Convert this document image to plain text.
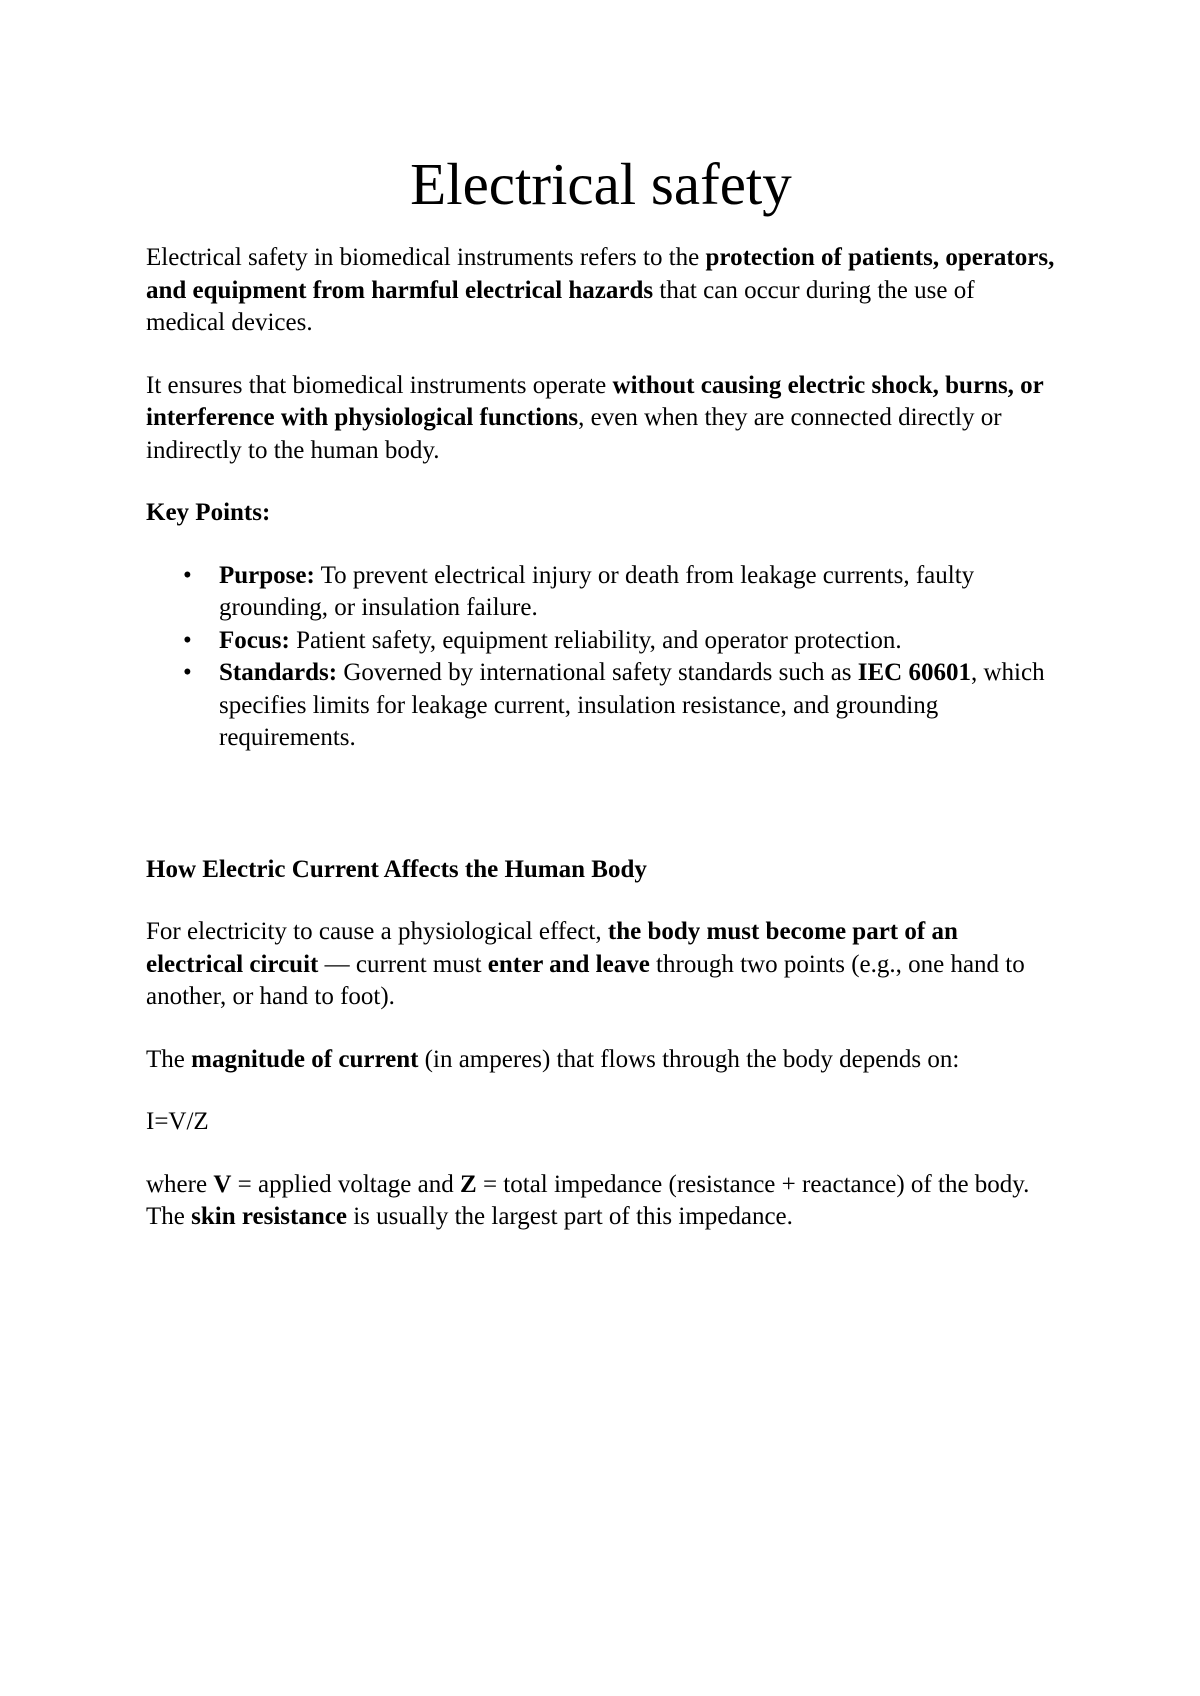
Electrical safety

Electrical safety in biomedical instruments refers to the protection of patients, operators, and equipment from harmful electrical hazards that can occur during the use of medical devices.

It ensures that biomedical instruments operate without causing electric shock, burns, or interference with physiological functions, even when they are connected directly or indirectly to the human body.

Key Points:

• Purpose: To prevent electrical injury or death from leakage currents, faulty grounding, or insulation failure.
• Focus: Patient safety, equipment reliability, and operator protection.
• Standards: Governed by international safety standards such as IEC 60601, which specifies limits for leakage current, insulation resistance, and grounding requirements.

How Electric Current Affects the Human Body

For electricity to cause a physiological effect, the body must become part of an electrical circuit — current must enter and leave through two points (e.g., one hand to another, or hand to foot).

The magnitude of current (in amperes) that flows through the body depends on:

I=V/Z

where V = applied voltage and Z = total impedance (resistance + reactance) of the body.

The skin resistance is usually the largest part of this impedance.
